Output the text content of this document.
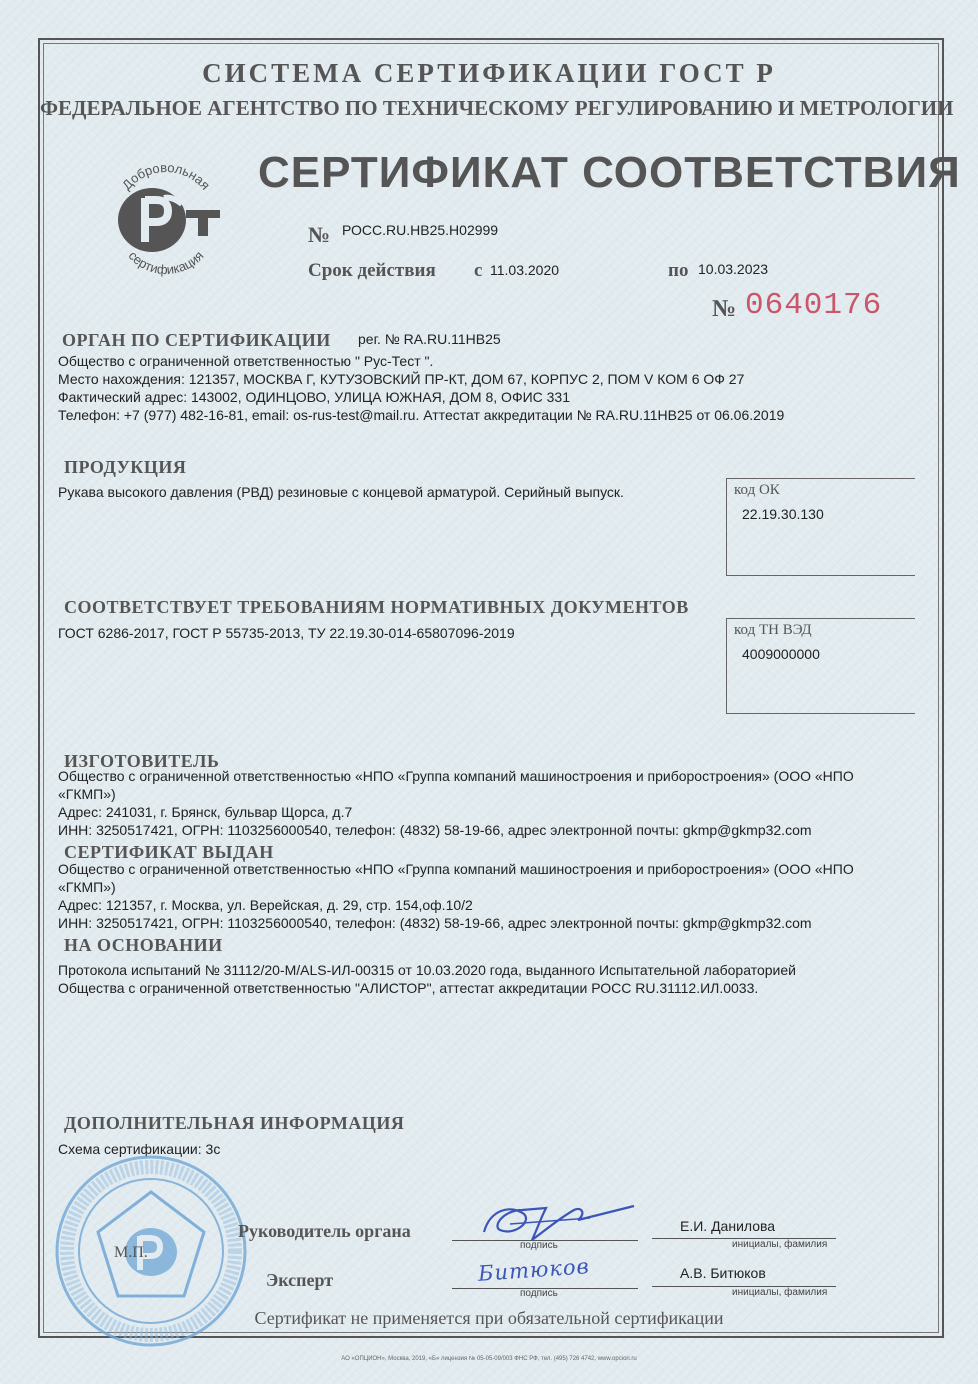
СИСТЕМА СЕРТИФИКАЦИИ ГОСТ Р
ФЕДЕРАЛЬНОЕ АГЕНТСТВО ПО ТЕХНИЧЕСКОМУ РЕГУЛИРОВАНИЮ И МЕТРОЛОГИИ
Добровольная
сертификация
СЕРТИФИКАТ СООТВЕТСТВИЯ
№ РОСС.RU.НВ25.Н02999
Срок действия с 11.03.2020	по 10.03.2023
№ 0640176
ОРГАН ПО СЕРТИФИКАЦИИ рег. № RA.RU.11НВ25
Общество с ограниченной ответственностью " Рус-Тест ".
Место нахождения: 121357, МОСКВА Г, КУТУЗОВСКИЙ ПР-КТ, ДОМ 67, КОРПУС 2, ПОМ V КОМ 6 ОФ 27
Фактический адрес: 143002, ОДИНЦОВО, УЛИЦА ЮЖНАЯ, ДОМ 8, ОФИС 331
Телефон: +7 (977) 482-16-81, email: os-rus-test@mail.ru. Аттестат аккредитации № RA.RU.11НВ25 от 06.06.2019
ПРОДУКЦИЯ
Рукава высокого давления (РВД) резиновые с концевой арматурой. Серийный выпуск.	код ОК
22.19.30.130
СООТВЕТСТВУЕТ ТРЕБОВАНИЯМ НОРМАТИВНЫХ ДОКУМЕНТОВ
ГОСТ 6286-2017, ГОСТ Р 55735-2013, ТУ 22.19.30-014-65807096-2019	код ТН ВЭД
4009000000
ИЗГОТОВИТЕЛЬ
Общество с ограниченной ответственностью «НПО «Группа компаний машиностроения и приборостроения» (ООО «НПО
«ГКМП»)
Адрес: 241031, г. Брянск, бульвар Щорса, д.7
ИНН: 3250517421, ОГРН: 1103256000540, телефон: (4832) 58-19-66, адрес электронной почты: gkmp@gkmp32.com
СЕРТИФИКАТ ВЫДАН
Общество с ограниченной ответственностью «НПО «Группа компаний машиностроения и приборостроения» (ООО «НПО
«ГКМП»)
Адрес: 121357, г. Москва, ул. Верейская, д. 29, стр. 154,оф.10/2
ИНН: 3250517421, ОГРН: 1103256000540, телефон: (4832) 58-19-66, адрес электронной почты: gkmp@gkmp32.com
НА ОСНОВАНИИ
Протокола испытаний № 31112/20-М/ALS-ИЛ-00315 от 10.03.2020 года, выданного Испытательной лабораторией
Общества с ограниченной ответственностью "АЛИСТОР", аттестат аккредитации РОСС RU.31112.ИЛ.0033.
ДОПОЛНИТЕЛЬНАЯ ИНФОРМАЦИЯ
Схема сертификации: 3с
М.П.
Руководитель органа
подпись
Е.И. Данилова
инициалы, фамилия
Эксперт	Битюков
подпись
А.В. Битюков
инициалы, фамилия
Сертификат не применяется при обязательной сертификации
АО «ОПЦИОН», Москва, 2019, «Б» лицензия № 05-05-09/003 ФНС РФ, тел. (495) 726 4742, www.opcion.ru
